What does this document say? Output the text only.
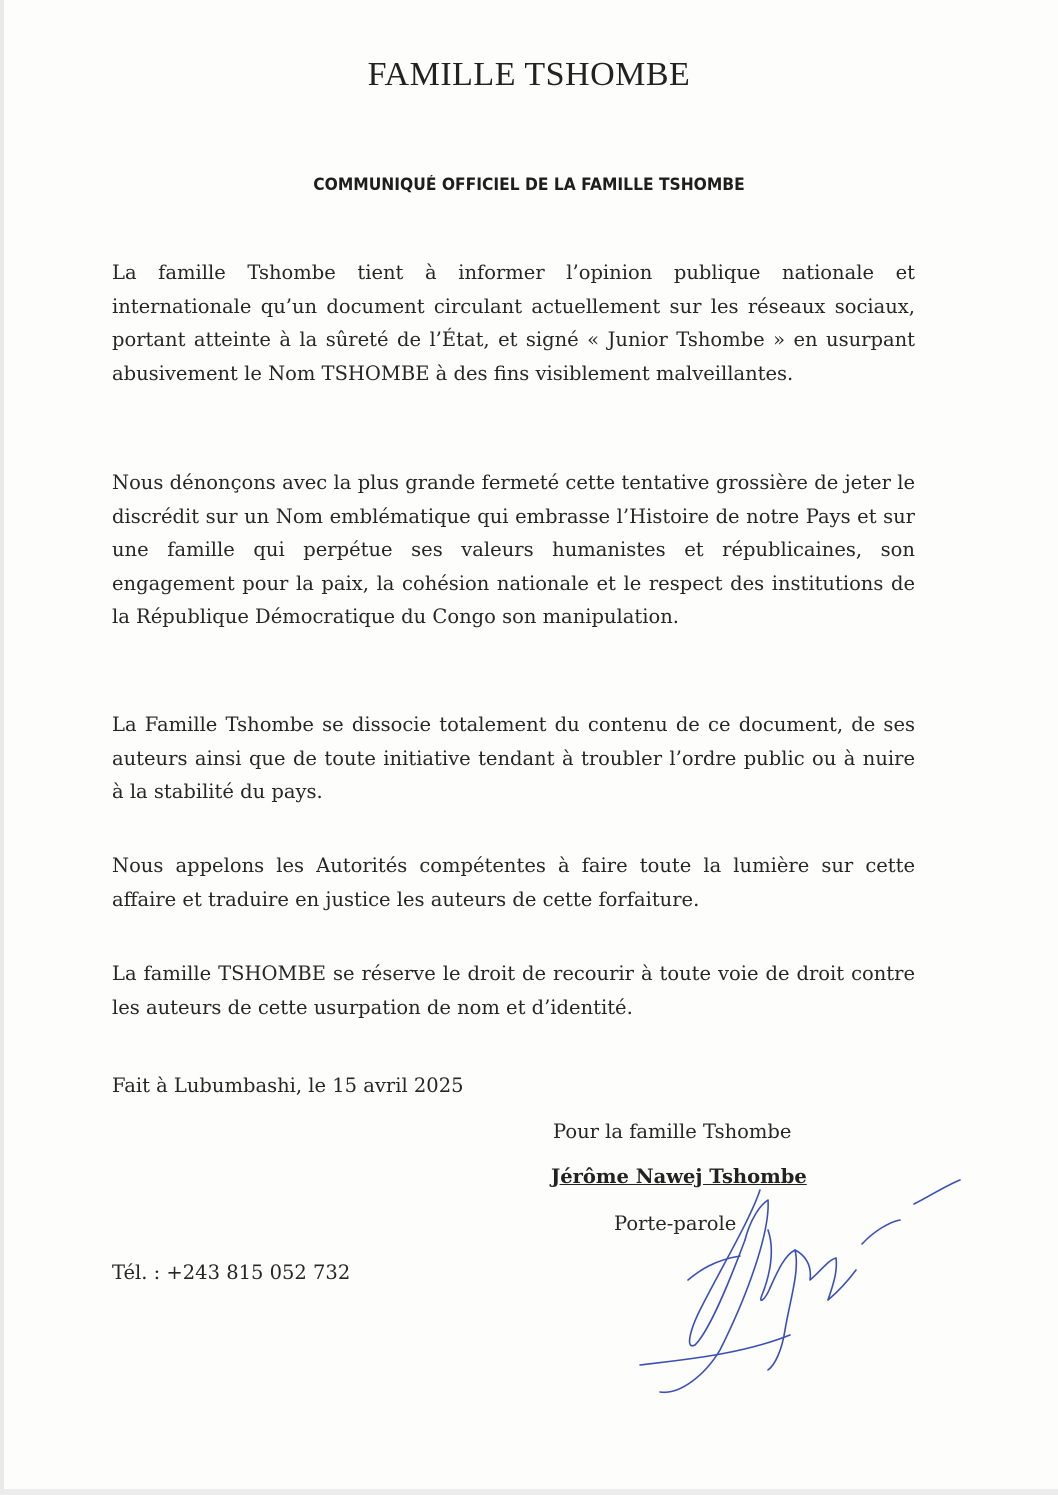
FAMILLE TSHOMBE
COMMUNIQUÉ OFFICIEL DE LA FAMILLE TSHOMBE

La famille Tshombe tient à informer l’opinion publique nationale et internationale qu’un document circulant actuellement sur les réseaux sociaux, portant atteinte à la sûreté de l’État, et signé « Junior Tshombe » en usurpant abusivement le Nom TSHOMBE à des fins visiblement malveillantes.

Nous dénonçons avec la plus grande fermeté cette tentative grossière de jeter le discrédit sur un Nom emblématique qui embrasse l’Histoire de notre Pays et sur une famille qui perpétue ses valeurs humanistes et républicaines, son engagement pour la paix, la cohésion nationale et le respect des institutions de la République Démocratique du Congo son manipulation.

La Famille Tshombe se dissocie totalement du contenu de ce document, de ses auteurs ainsi que de toute initiative tendant à troubler l’ordre public ou à nuire à la stabilité du pays.

Nous appelons les Autorités compétentes à faire toute la lumière sur cette affaire et traduire en justice les auteurs de cette forfaiture.

La famille TSHOMBE se réserve le droit de recourir à toute voie de droit contre les auteurs de cette usurpation de nom et d’identité.

Fait à Lubumbashi, le 15 avril 2025
Pour la famille Tshombe
Jérôme Nawej Tshombe
Porte-parole
Tél. : +243 815 052 732
